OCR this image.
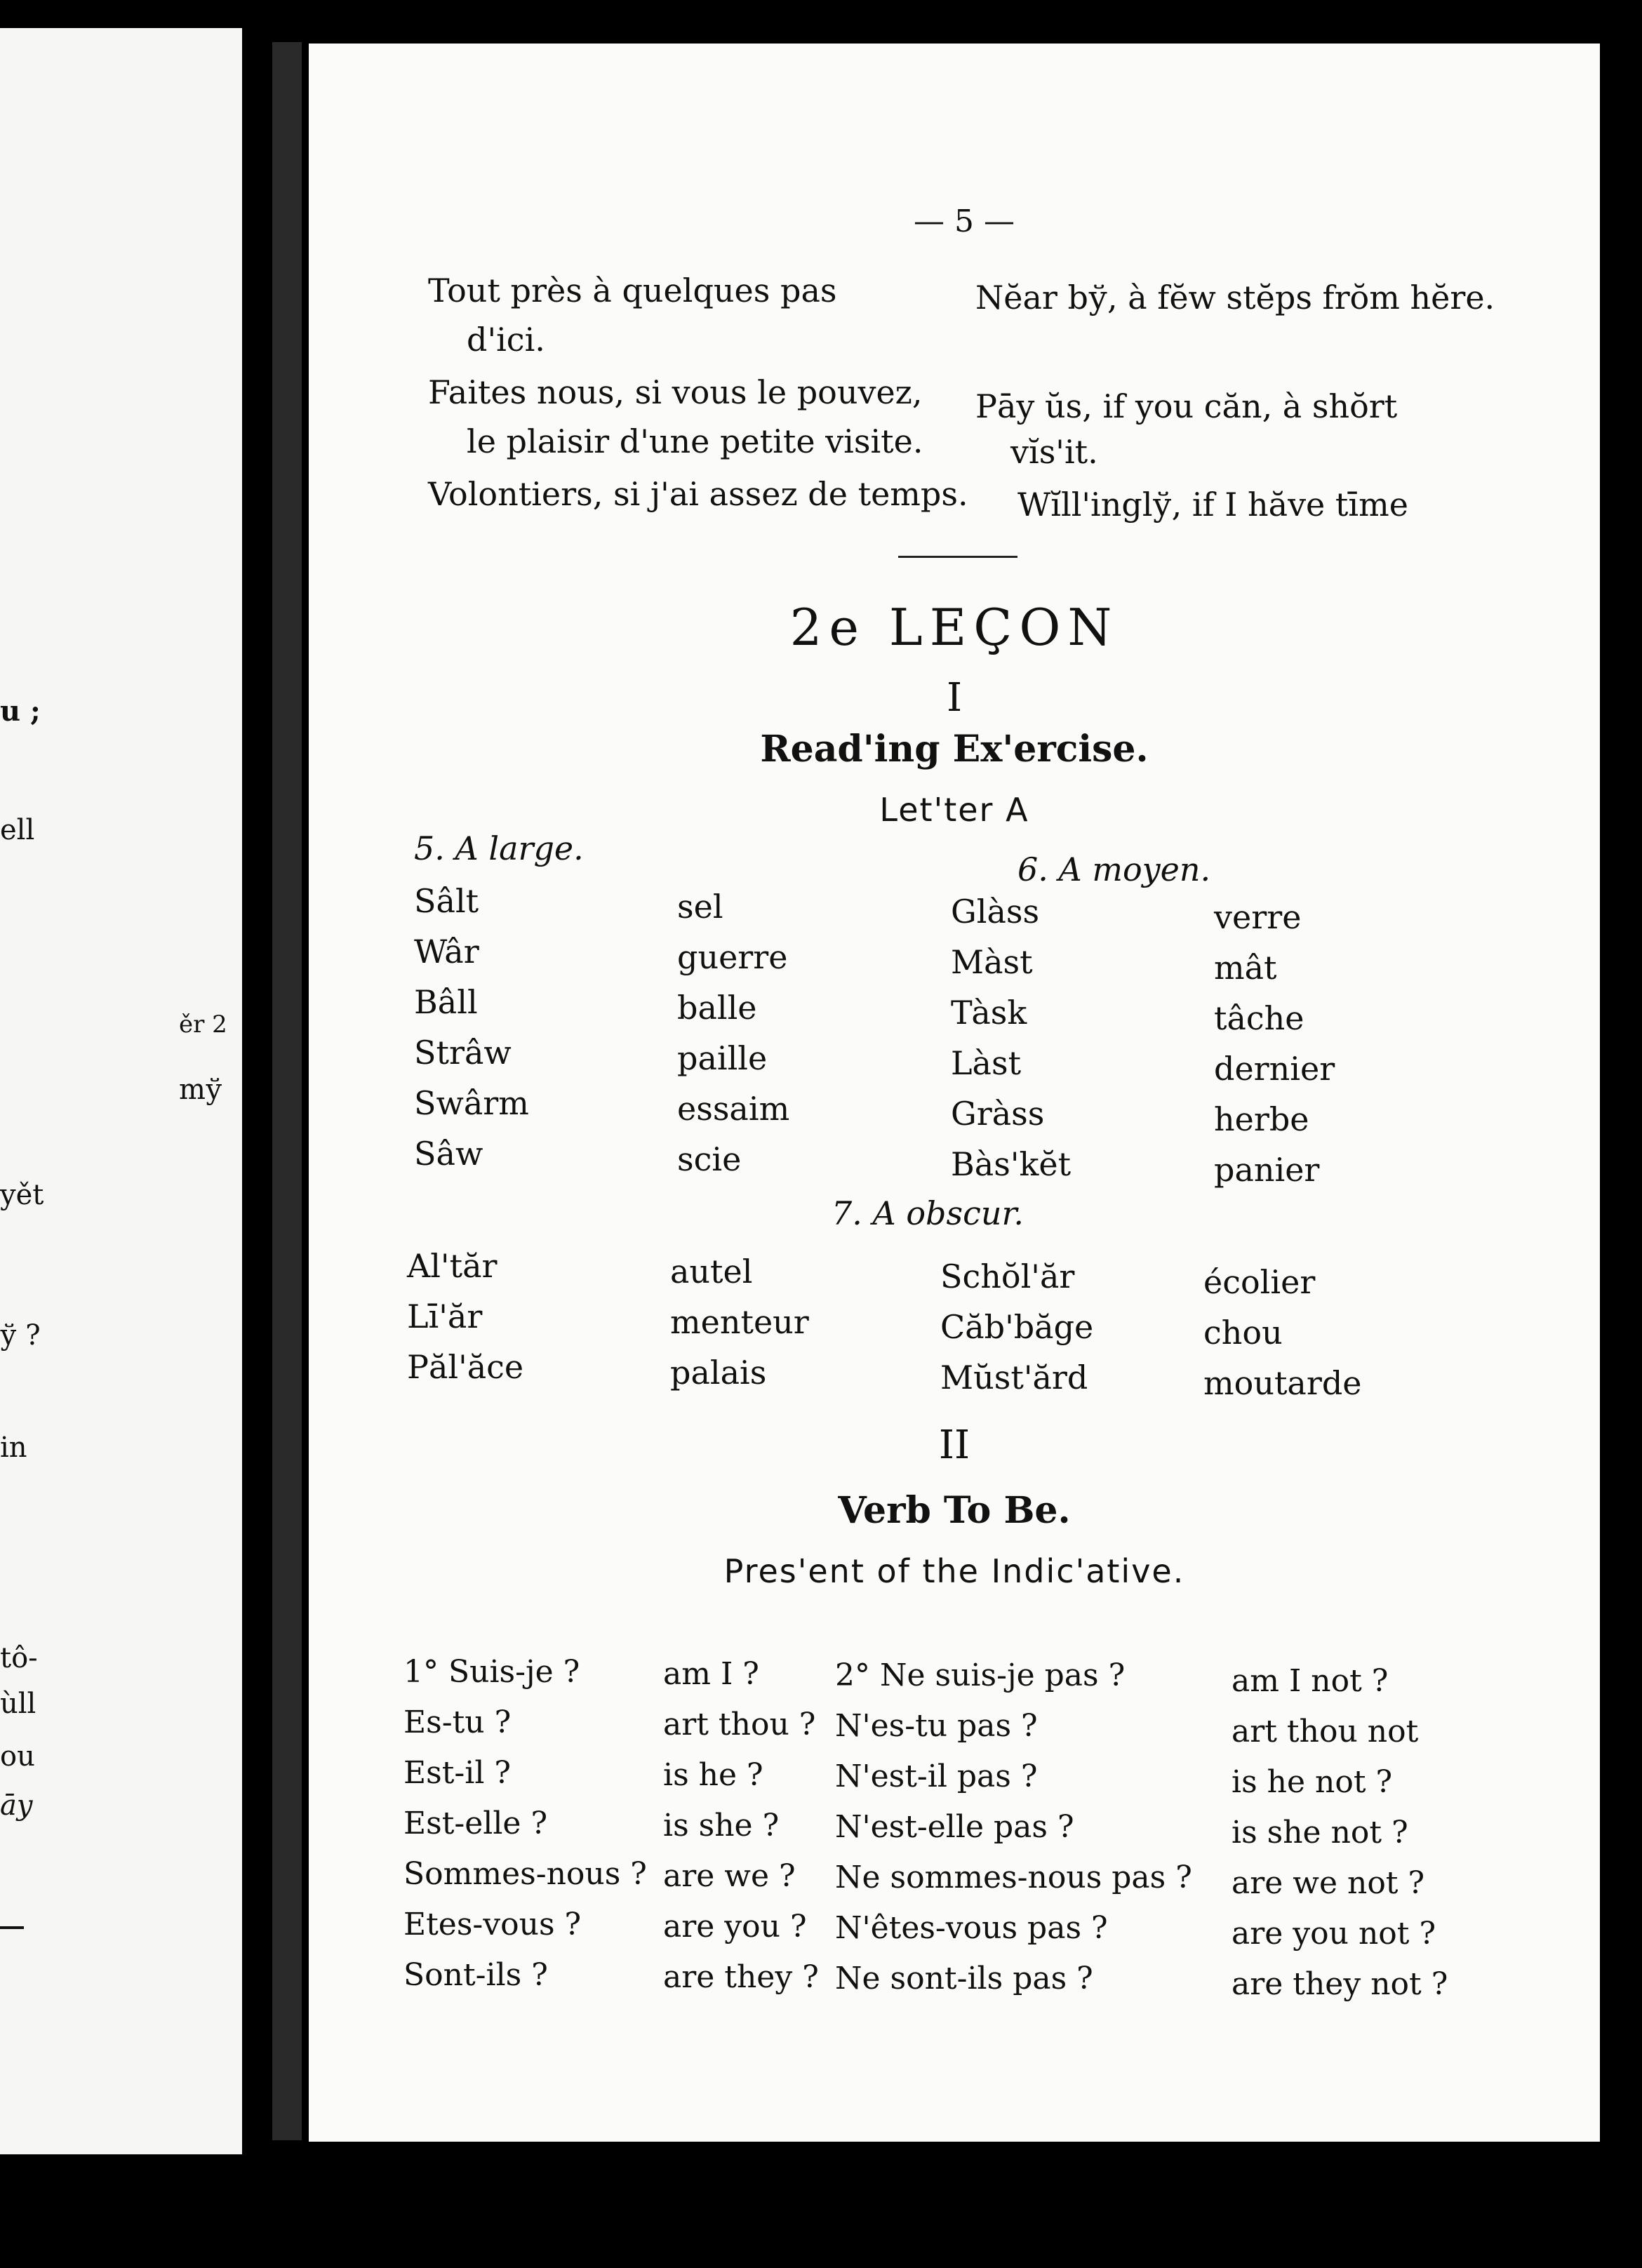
u ;
ell
ěr 2
mў
yět
ў ?
in
tô-
ùll
ou
āy
— 5 —
Tout près à quelques pas
d'ici.
Nĕar bў, à fĕw stĕps frŏm hĕre.
Faites nous, si vous le pouvez,
le plaisir d'une petite visite.
Pāy ŭs, if you căn, à shŏrt
vĭs'it.
Volontiers, si j'ai assez de temps. Wĭll'inglў, if I hăve tīme
2e LEÇON
I
Read'ing Ex'ercise.
Let'ter A
5. A large.
6. A moyen.
Sâlt	sel
Wâr	guerre
Bâll	balle
Strâw	paille
Swârm	essaim
Sâw	scie
Glàss	verre
Màst	mât
Tàsk	tâche
Làst	dernier
Gràss	herbe
Bàs'kĕt	panier
Al'tăr	autel
Lī'ăr	menteur
Păl'ăce	palais
Schŏl'ăr	écolier
Căb'băge	chou
Mŭst'ărd	moutarde
7. A obscur.
II
Verb To Be.
Pres'ent of the Indic'ative.
1° Suis-je ?	am I ?
Es-tu ?	art thou ?
Est-il ?	is he ?
Est-elle ?	is she ?
Sommes-nous ? are we ?
Etes-vous ?	are you ?
Sont-ils ?	are they ?
2° Ne suis-je pas ?	am I not ?
N'es-tu pas ?	art thou not
N'est-il pas ?	is he not ?
N'est-elle pas ?	is she not ?
Ne sommes-nous pas ? are we not ?
N'êtes-vous pas ?	are you not ?
Ne sont-ils pas ?	are they not ?
